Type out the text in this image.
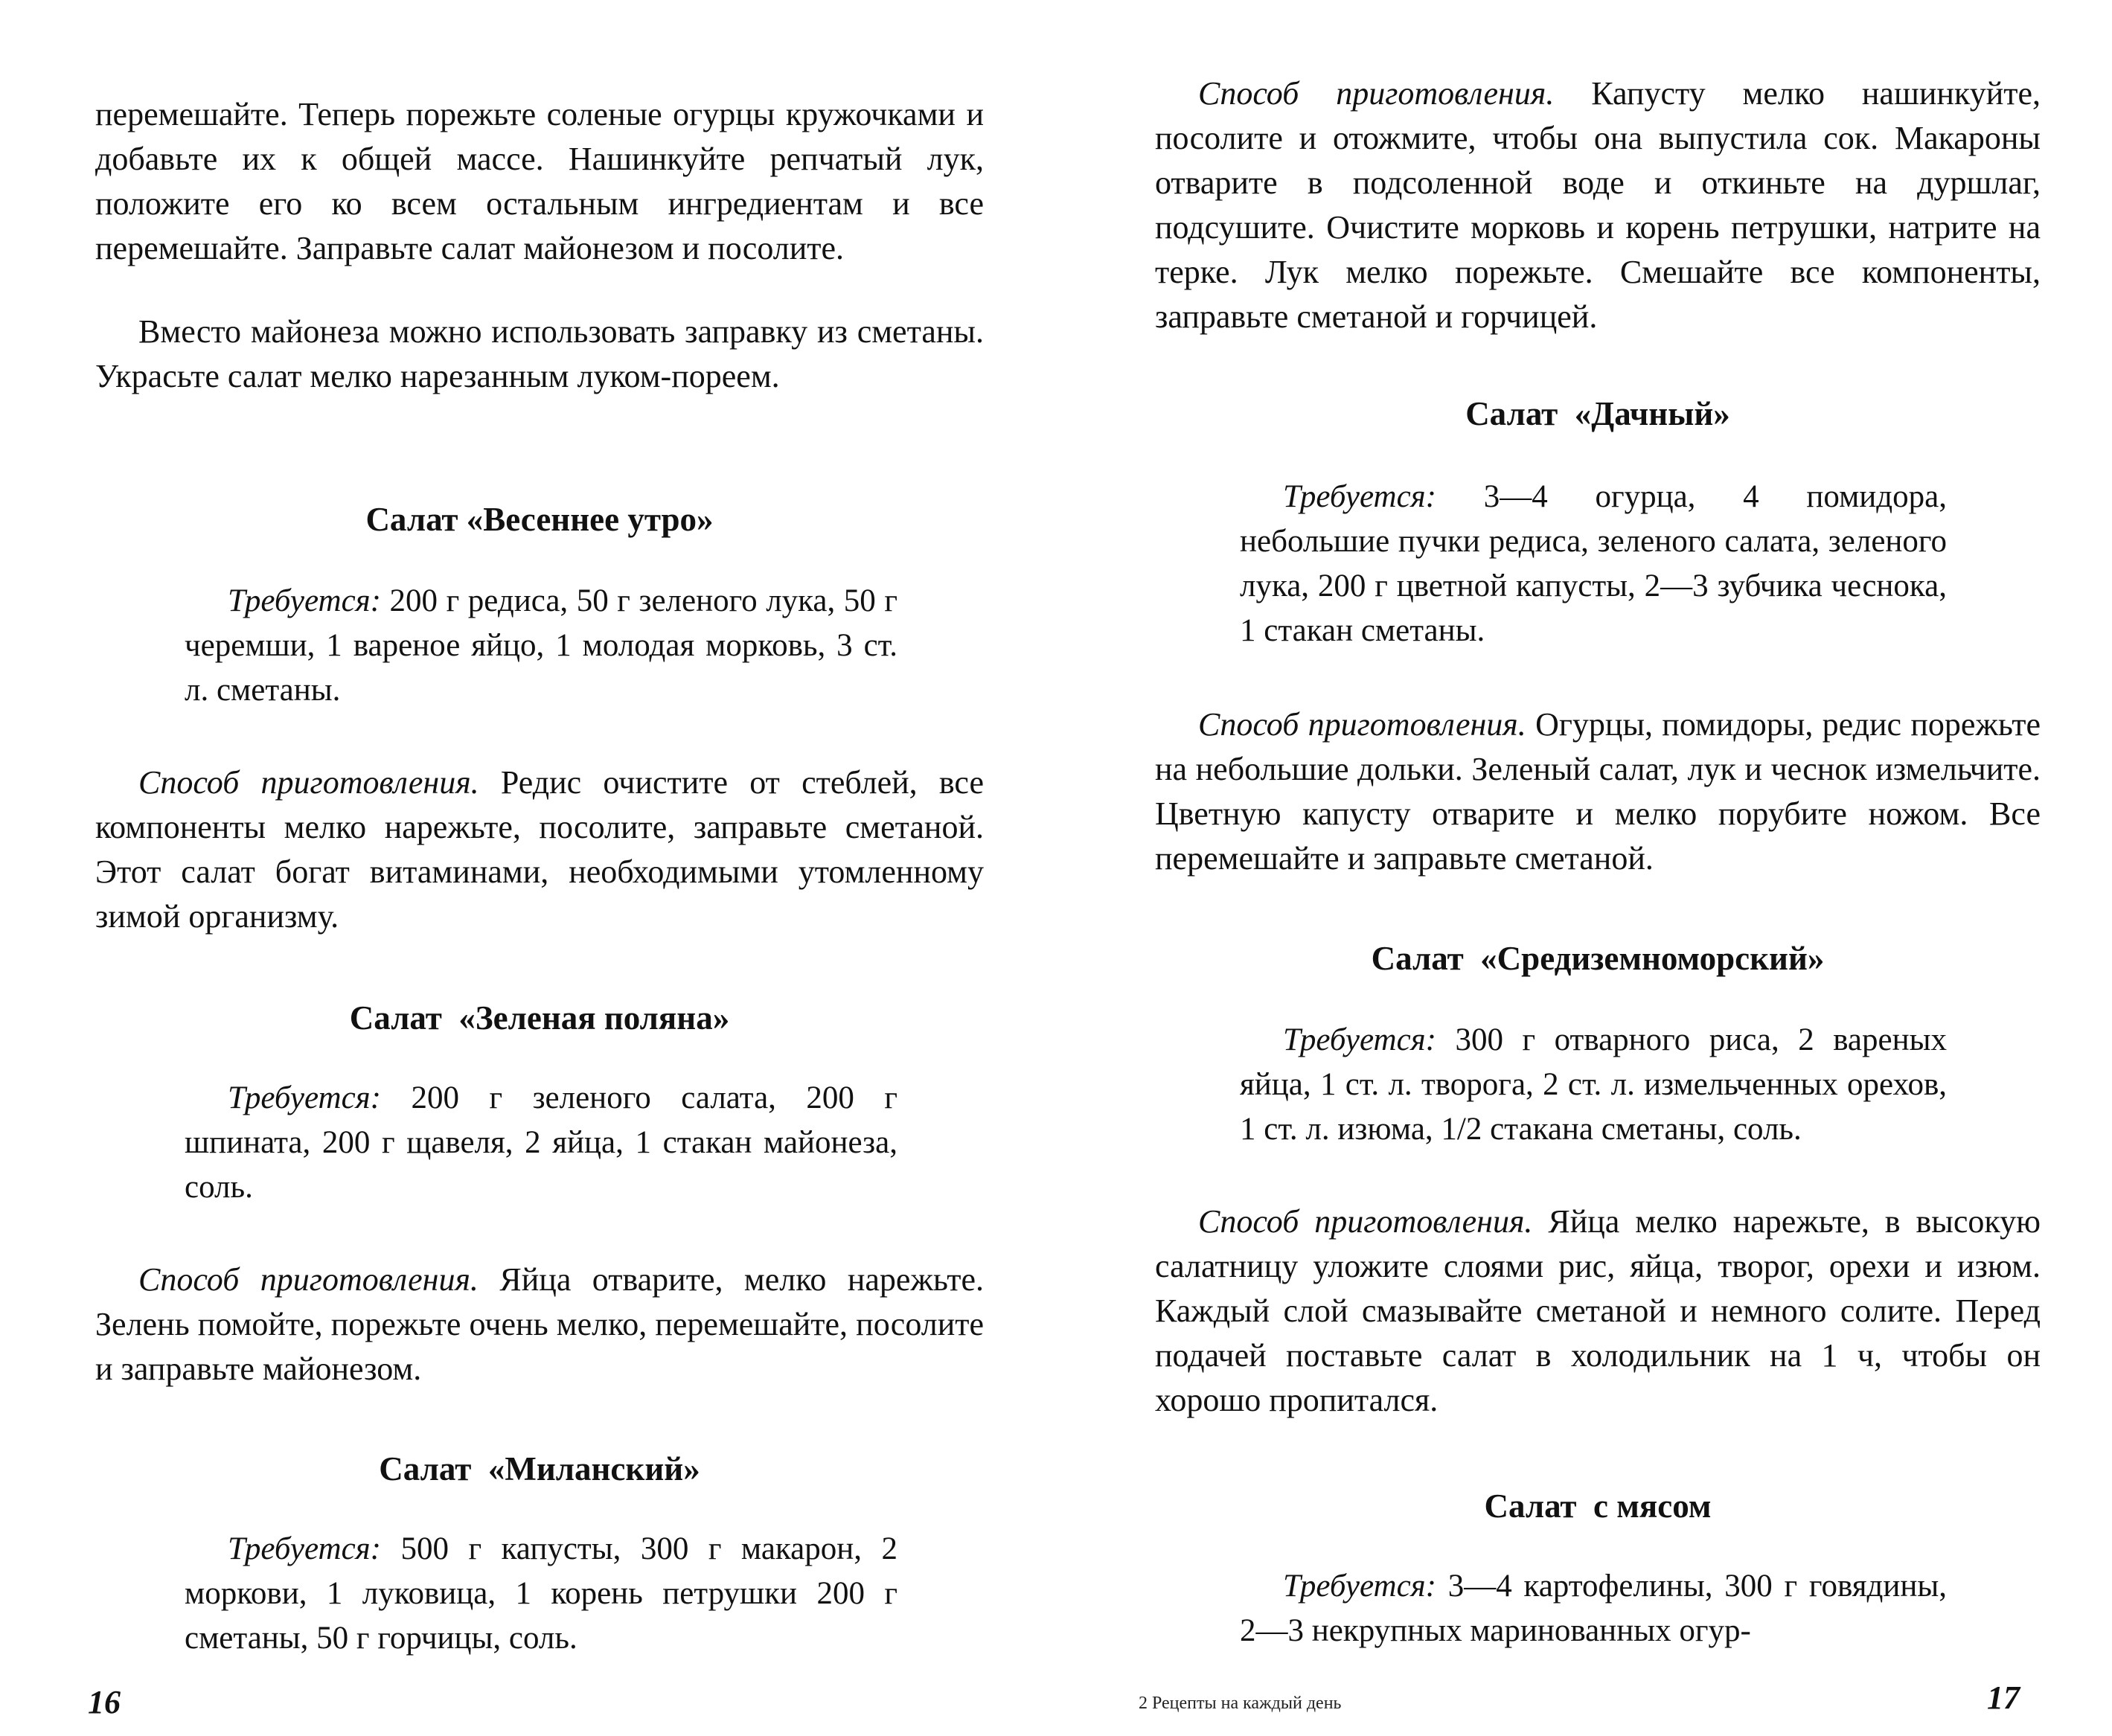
перемешайте. Теперь порежьте соленые огурцы кружочками и добавьте их к общей массе. Нашинкуйте репчатый лук, положите его ко всем остальным ингредиентам и все перемешайте. Заправьте салат майонезом и посолите.

Вместо майонеза можно использовать заправку из сметаны. Украсьте салат мелко нарезанным луком-пореем.

Салат «Весеннее утро»

Требуется: 200 г редиса, 50 г зеленого лука, 50 г черемши, 1 вареное яйцо, 1 молодая морковь, 3 ст. л. сметаны.

Способ приготовления. Редис очистите от стеблей, все компоненты мелко нарежьте, посолите, заправьте сметаной. Этот салат богат витаминами, необходимыми утомленному зимой организму.

Салат  «Зеленая поляна»

Требуется: 200 г зеленого салата, 200 г шпината, 200 г щавеля, 2 яйца, 1 стакан майонеза, соль.

Способ приготовления. Яйца отварите, мелко нарежьте. Зелень помойте, порежьте очень мелко, перемешайте, посолите и заправьте майонезом.

Салат  «Миланский»

Требуется: 500 г капусты, 300 г макарон, 2 моркови, 1 луковица, 1 корень петрушки 200 г сметаны, 50 г горчицы, соль.

16

Способ приготовления. Капусту мелко нашинкуйте, посолите и отожмите, чтобы она выпустила сок. Макароны отварите в подсоленной воде и откиньте на дуршлаг, подсушите. Очистите морковь и корень петрушки, натрите на терке. Лук мелко порежьте. Смешайте все компоненты, заправьте сметаной и горчицей.

Салат  «Дачный»

Требуется: 3—4 огурца, 4 помидора, небольшие пучки редиса, зеленого салата, зеленого лука, 200 г цветной капусты, 2—3 зубчика чеснока, 1 стакан сметаны.

Способ приготовления. Огурцы, помидоры, редис порежьте на небольшие дольки. Зеленый салат, лук и чеснок измельчите. Цветную капусту отварите и мелко порубите ножом. Все перемешайте и заправьте сметаной.

Салат  «Средиземноморский»

Требуется: 300 г отварного риса, 2 вареных яйца, 1 ст. л. творога, 2 ст. л. измельченных орехов, 1 ст. л. изюма, 1/2 стакана сметаны, соль.

Способ приготовления. Яйца мелко нарежьте, в высокую салатницу уложите слоями рис, яйца, творог, орехи и изюм. Каждый слой смазывайте сметаной и немного солите. Перед подачей поставьте салат в холодильник на 1 ч, чтобы он хорошо пропитался.

Салат  с мясом

Требуется: 3—4 картофелины, 300 г говядины, 2—3 некрупных маринованных огур-

2 Рецепты на каждый день	17
